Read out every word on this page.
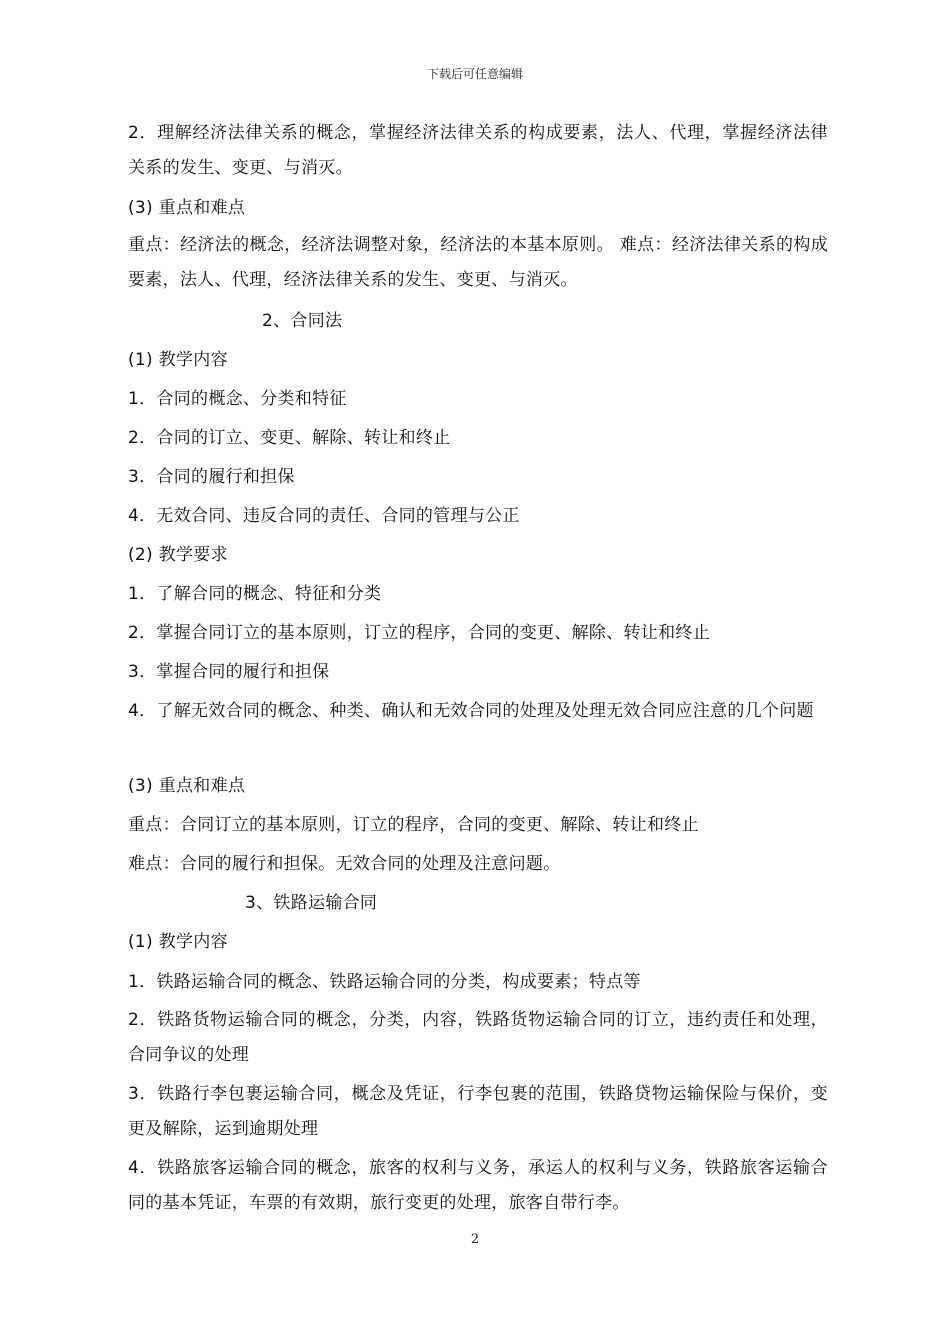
下载后可任意编辑
2．理解经济法律关系的概念，掌握经济法律关系的构成要素，法人、代理，掌握经济法律关系的发生、变更、与消灭。
(3) 重点和难点
重点：经济法的概念，经济法调整对象，经济法的本基本原则。 难点：经济法律关系的构成要素，法人、代理，经济法律关系的发生、变更、与消灭。
2、合同法
(1) 教学内容
1．合同的概念、分类和特征
2．合同的订立、变更、解除、转让和终止
3．合同的履行和担保
4．无效合同、违反合同的责任、合同的管理与公正
(2) 教学要求
1．了解合同的概念、特征和分类
2．掌握合同订立的基本原则，订立的程序，合同的变更、解除、转让和终止
3．掌握合同的履行和担保
4．了解无效合同的概念、种类、确认和无效合同的处理及处理无效合同应注意的几个问题
(3) 重点和难点
重点：合同订立的基本原则，订立的程序，合同的变更、解除、转让和终止
难点：合同的履行和担保。无效合同的处理及注意问题。
3、铁路运输合同
(1) 教学内容
1．铁路运输合同的概念、铁路运输合同的分类，构成要素；特点等
2．铁路货物运输合同的概念，分类，内容，铁路货物运输合同的订立，违约责任和处理，合同争议的处理
3．铁路行李包裹运输合同，概念及凭证，行李包裹的范围，铁路贷物运输保险与保价，变更及解除，运到逾期处理
4．铁路旅客运输合同的概念，旅客的权利与义务，承运人的权利与义务，铁路旅客运输合同的基本凭证，车票的有效期，旅行变更的处理，旅客自带行李。
2
